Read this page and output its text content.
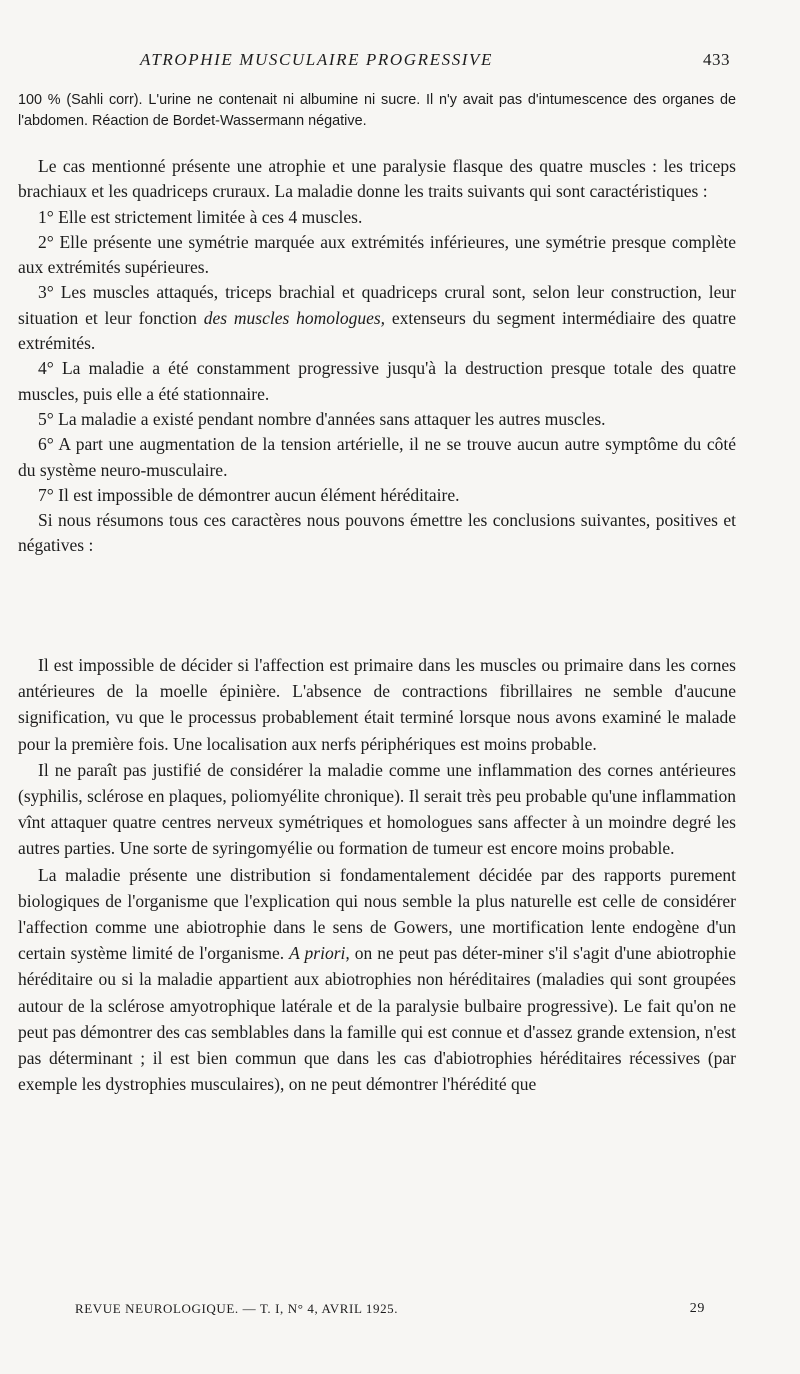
ATROPHIE MUSCULAIRE PROGRESSIVE	433

100 % (Sahli corr). L'urine ne contenait ni albumine ni sucre. Il n'y avait pas d'intumescence des organes de l'abdomen. Réaction de Bordet-Wassermann négative.

Le cas mentionné présente une atrophie et une paralysie flasque des quatre muscles : les triceps brachiaux et les quadriceps cruraux. La maladie donne les traits suivants qui sont caractéristiques :

1° Elle est strictement limitée à ces 4 muscles.

2° Elle présente une symétrie marquée aux extrémités inférieures, une symétrie presque complète aux extrémités supérieures.

3° Les muscles attaqués, triceps brachial et quadriceps crural sont, selon leur construction, leur situation et leur fonction des muscles homologues, extenseurs du segment intermédiaire des quatre extrémités.

4° La maladie a été constamment progressive jusqu'à la destruction presque totale des quatre muscles, puis elle a été stationnaire.

5° La maladie a existé pendant nombre d'années sans attaquer les autres muscles.

6° A part une augmentation de la tension artérielle, il ne se trouve aucun autre symptôme du côté du système neuro-musculaire.

7° Il est impossible de démontrer aucun élément héréditaire.

Si nous résumons tous ces caractères nous pouvons émettre les conclusions suivantes, positives et négatives :

Il est impossible de décider si l'affection est primaire dans les muscles ou primaire dans les cornes antérieures de la moelle épinière. L'absence de contractions fibrillaires ne semble d'aucune signification, vu que le processus probablement était terminé lorsque nous avons examiné le malade pour la première fois. Une localisation aux nerfs périphériques est moins probable.

Il ne paraît pas justifié de considérer la maladie comme une inflammation des cornes antérieures (syphilis, sclérose en plaques, poliomyélite chronique). Il serait très peu probable qu'une inflammation vînt attaquer quatre centres nerveux symétriques et homologues sans affecter à un moindre degré les autres parties. Une sorte de syringomyélie ou formation de tumeur est encore moins probable.

La maladie présente une distribution si fondamentalement décidée par des rapports purement biologiques de l'organisme que l'explication qui nous semble la plus naturelle est celle de considérer l'affection comme une abiotrophie dans le sens de Gowers, une mortification lente endogène d'un certain système limité de l'organisme. A priori, on ne peut pas déter-miner s'il s'agit d'une abiotrophie héréditaire ou si la maladie appartient aux abiotrophies non héréditaires (maladies qui sont groupées autour de la sclérose amyotrophique latérale et de la paralysie bulbaire progressive). Le fait qu'on ne peut pas démontrer des cas semblables dans la famille qui est connue et d'assez grande extension, n'est pas déterminant ; il est bien commun que dans les cas d'abiotrophies héréditaires récessives (par exemple les dystrophies musculaires), on ne peut démontrer l'hérédité que

REVUE NEUROLOGIQUE. — T. I, N° 4, AVRIL 1925.	29
